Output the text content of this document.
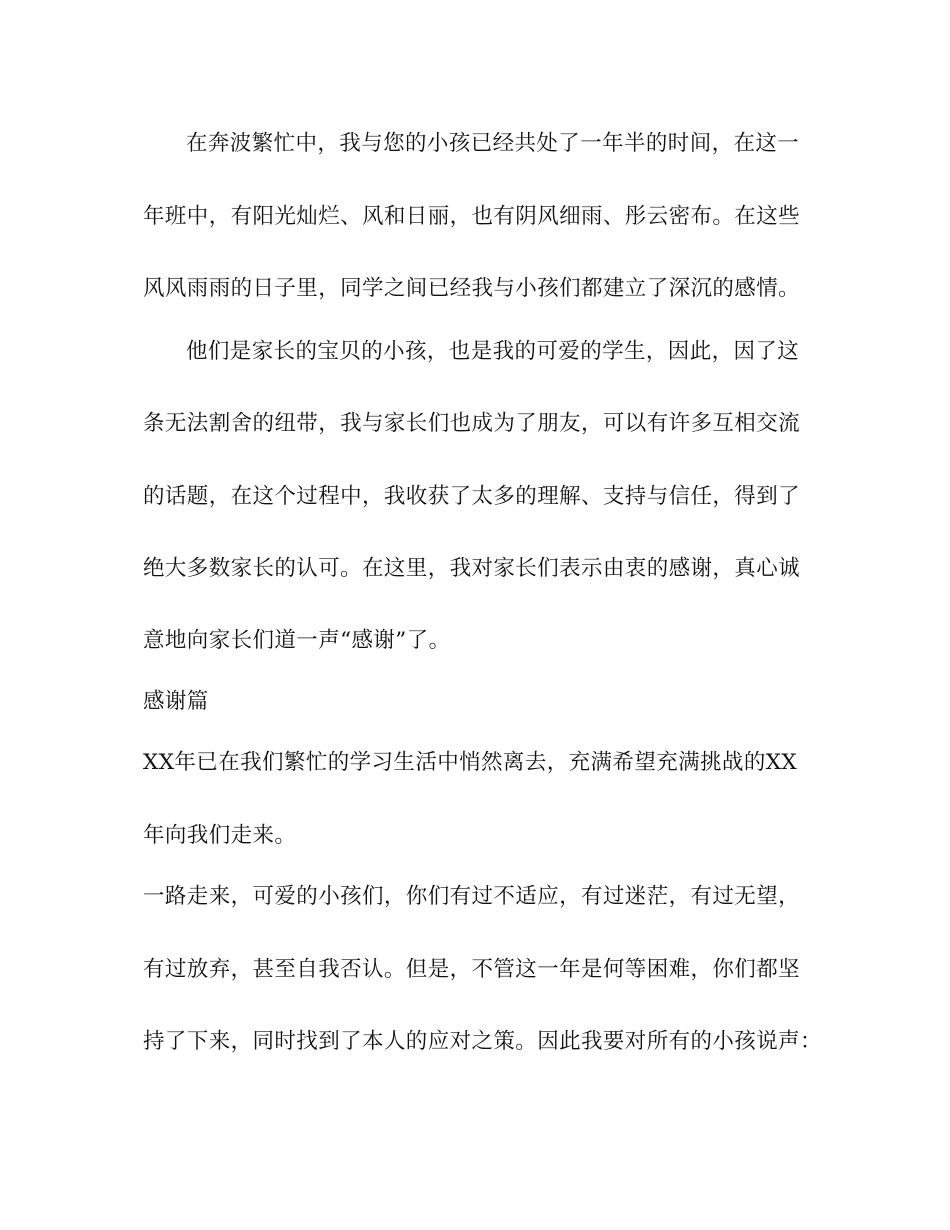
在奔波繁忙中，我与您的小孩已经共处了一年半的时间，在这一
年班中，有阳光灿烂、风和日丽，也有阴风细雨、彤云密布。在这些
风风雨雨的日子里，同学之间已经我与小孩们都建立了深沉的感情。
他们是家长的宝贝的小孩，也是我的可爱的学生，因此，因了这
条无法割舍的纽带，我与家长们也成为了朋友，可以有许多互相交流
的话题，在这个过程中，我收获了太多的理解、支持与信任，得到了
绝大多数家长的认可。在这里，我对家长们表示由衷的感谢，真心诚
意地向家长们道一声“感谢”了。
感谢篇
XX年已在我们繁忙的学习生活中悄然离去，充满希望充满挑战的XX
年向我们走来。
一路走来，可爱的小孩们，你们有过不适应，有过迷茫，有过无望，
有过放弃，甚至自我否认。但是，不管这一年是何等困难，你们都坚
持了下来，同时找到了本人的应对之策。因此我要对所有的小孩说声：
